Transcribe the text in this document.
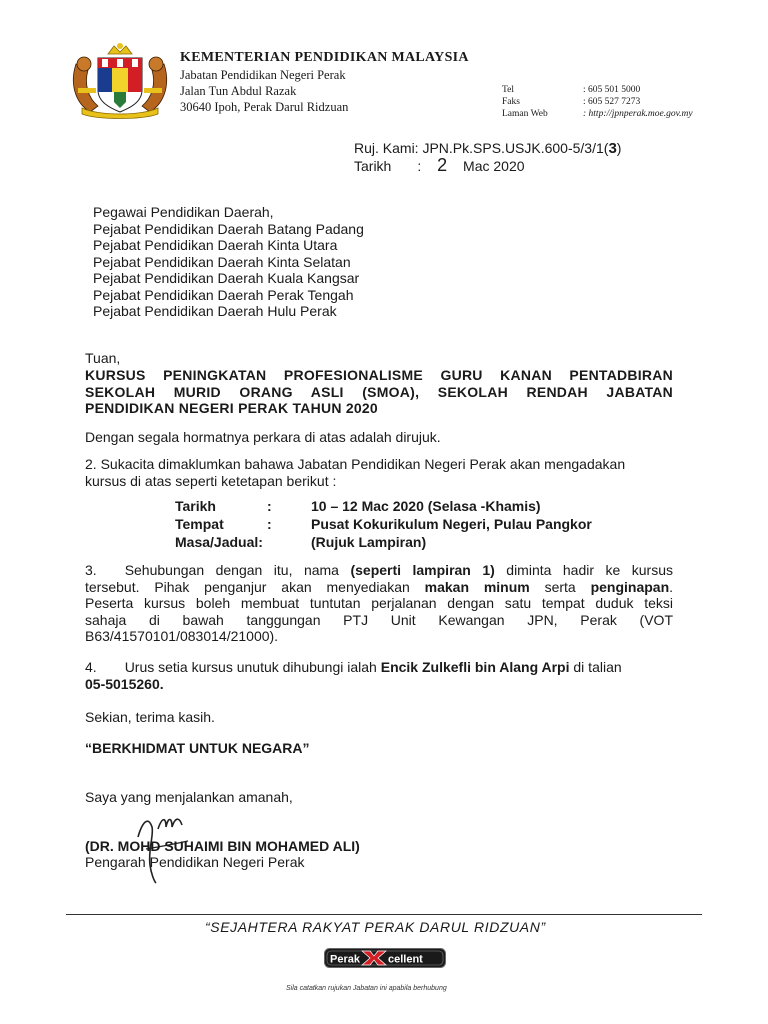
KEMENTERIAN PENDIDIKAN MALAYSIA
Jabatan Pendidikan Negeri Perak
Jalan Tun Abdul Razak
30640 Ipoh, Perak Darul Ridzuan
Tel	: 605 501 5000
Faks	: 605 527 7273
Laman Web	: http://jpnperak.moe.gov.my
Ruj. Kami: JPN.Pk.SPS.USJK.600-5/3/1(3)
Tarikh : 2 Mac 2020
Pegawai Pendidikan Daerah,
Pejabat Pendidikan Daerah Batang Padang
Pejabat Pendidikan Daerah Kinta Utara
Pejabat Pendidikan Daerah Kinta Selatan
Pejabat Pendidikan Daerah Kuala Kangsar
Pejabat Pendidikan Daerah Perak Tengah
Pejabat Pendidikan Daerah Hulu Perak
Tuan,
KURSUS PENINGKATAN PROFESIONALISME GURU KANAN PENTADBIRAN
SEKOLAH MURID ORANG ASLI (SMOA), SEKOLAH RENDAH JABATAN
PENDIDIKAN NEGERI PERAK TAHUN 2020
Dengan segala hormatnya perkara di atas adalah dirujuk.
2. Sukacita dimaklumkan bahawa Jabatan Pendidikan Negeri Perak akan mengadakan
kursus di atas seperti ketetapan berikut :
Tarikh	:	10 – 12 Mac 2020 (Selasa -Khamis)
Tempat	:	Pusat Kokurikulum Negeri, Pulau Pangkor
Masa/Jadual:	(Rujuk Lampiran)
3. Sehubungan dengan itu, nama (seperti lampiran 1) diminta hadir ke kursus
tersebut. Pihak penganjur akan menyediakan makan minum serta penginapan.
Peserta kursus boleh membuat tuntutan perjalanan dengan satu tempat duduk teksi
sahaja di bawah tanggungan PTJ Unit Kewangan JPN, Perak (VOT
B63/41570101/083014/21000).
4. Urus setia kursus unutuk dihubungi ialah Encik Zulkefli bin Alang Arpi di talian
05-5015260.
Sekian, terima kasih.
“BERKHIDMAT UNTUK NEGARA”
Saya yang menjalankan amanah,
(DR. MOHD SUHAIMI BIN MOHAMED ALI)
Pengarah Pendidikan Negeri Perak
“SEJAHTERA RAKYAT PERAK DARUL RIDZUAN”
Perak	cellent
Sila catatkan rujukan Jabatan ini apabila berhubung
